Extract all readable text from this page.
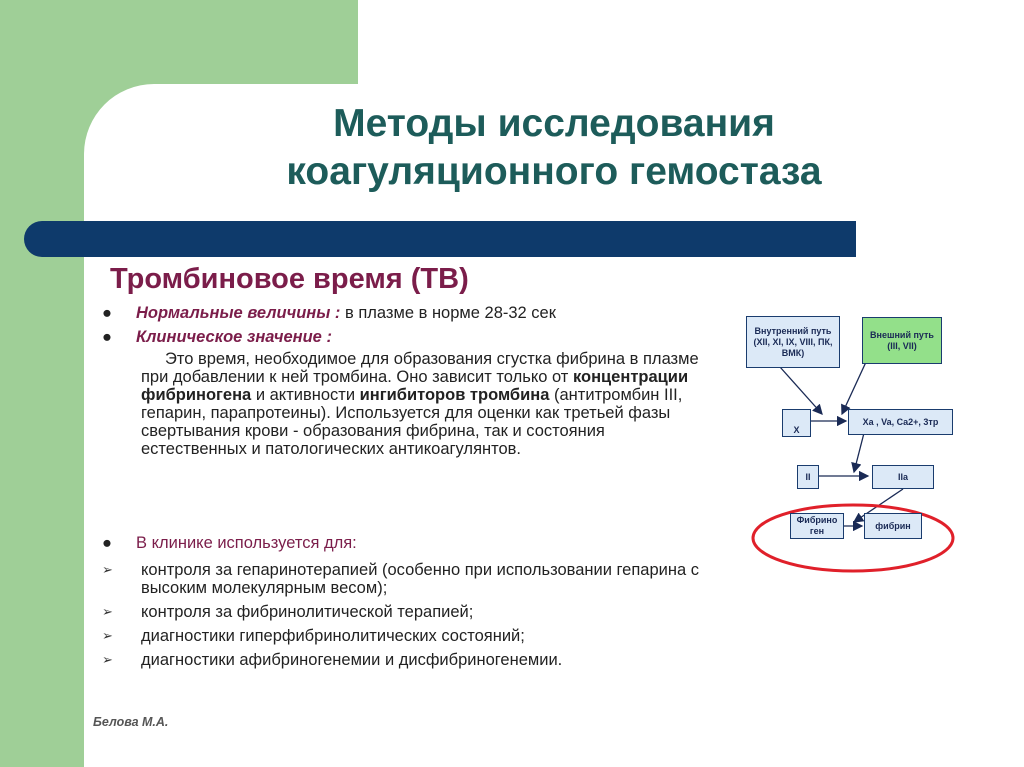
Методы исследования
коагуляционного гемостаза
Тромбиновое время (ТВ)
● Нормальные величины : в плазме в норме 28-32 сек
● Клиническое значение :

Это время, необходимое для образования сгустка фибрина в плазме при добавлении к ней тромбина. Оно зависит только от концентрации фибриногена и активности ингибиторов тромбина (антитромбин III, гепарин, парапротеины). Используется для оценки как третьей фазы свертывания крови - образования фибрина, так и состояния естественных и патологических антикоагулянтов.

● В клинике используется для:
➢ контроля за гепаринотерапией (особенно при использовании гепарина с высоким молекулярным весом);
➢ контроля за фибринолитической терапией;
➢ диагностики гиперфибринолитических состояний;
➢ диагностики афибриногенемии и дисфибриногенемии.
Белова М.А.
Внутренний путь (XII, XI, IX, VIII, ПК, ВМК)
Внешний путь (III, VII)
X
Xa , Va, Ca2+, 3тр
II	IIa
Фибрино ген
фибрин
